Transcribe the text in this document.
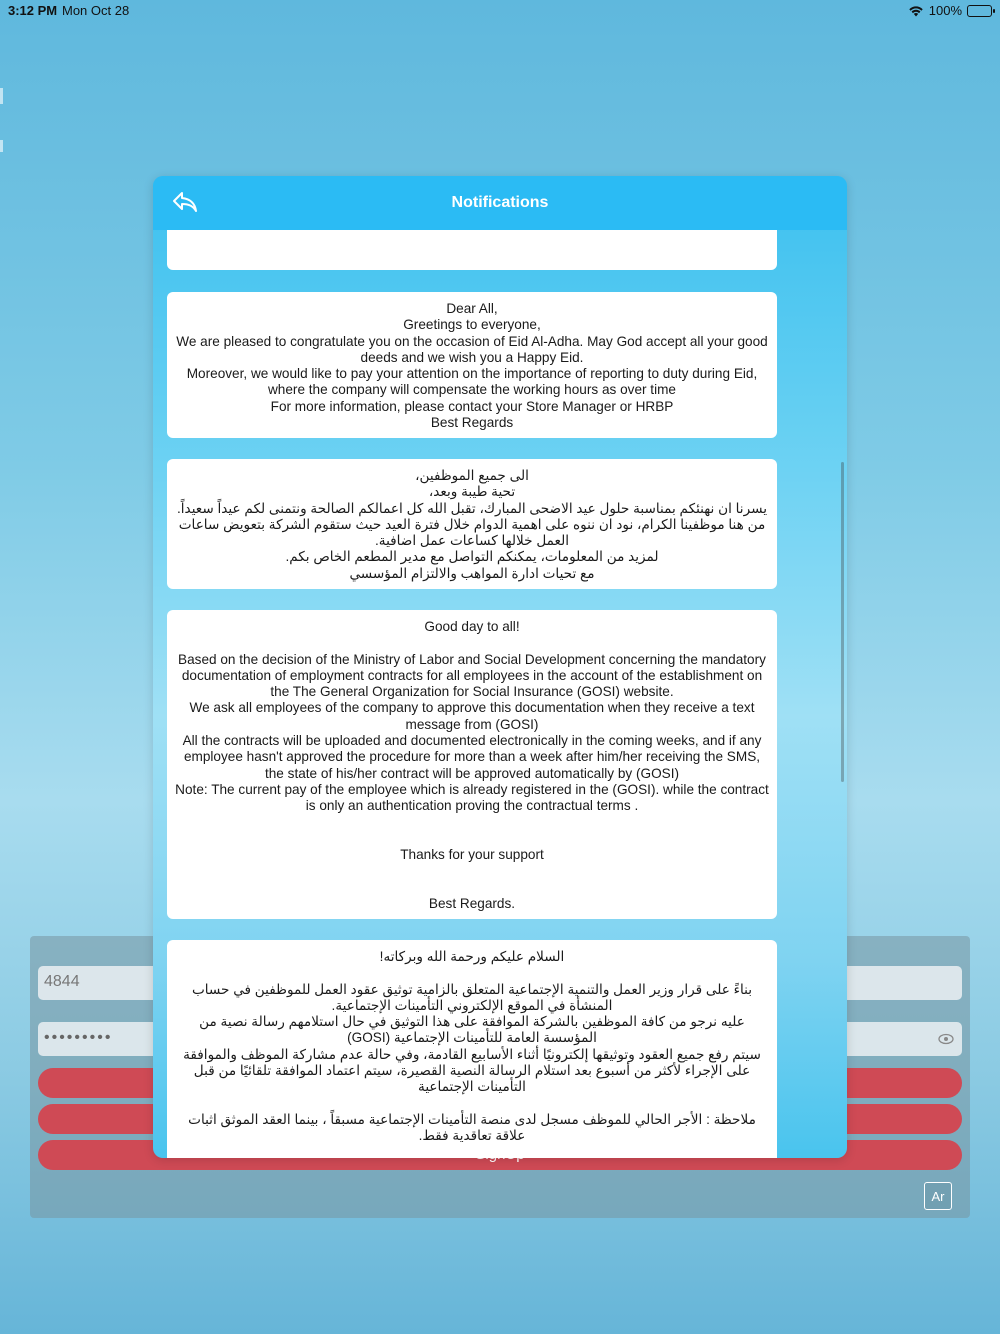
3:12 PM Mon Oct 28	100%
4844
•••••••••
Ar
Notifications

Dear All,
Greetings to everyone,
We are pleased to congratulate you on the occasion of Eid Al-Adha. May God accept all your good deeds and we wish you a Happy Eid.
Moreover, we would like to pay your attention on the importance of reporting to duty during Eid, where the company will compensate the working hours as over time
For more information, please contact your Store Manager or HRBP
Best Regards

الى جميع الموظفين،
تحية طيبة وبعد،
يسرنا ان نهنئكم بمناسبة حلول عيد الاضحى المبارك، تقبل الله كل اعمالكم الصالحة ونتمنى لكم عيداً سعيداً.
من هنا موظفينا الكرام، نود ان ننوه على اهمية الدوام خلال فترة العيد حيث ستقوم الشركة بتعويض ساعات العمل خلالها كساعات عمل اضافية.
لمزيد من المعلومات، يمكنكم التواصل مع مدير المطعم الخاص بكم.
مع تحيات ادارة المواهب والالتزام المؤسسي

Good day to all!

Based on the decision of the Ministry of Labor and Social Development concerning the mandatory documentation of employment contracts for all employees in the account of the establishment on the The General Organization for Social Insurance (GOSI) website.
We ask all employees of the company to approve this documentation when they receive a text message from (GOSI)
All the contracts will be uploaded and documented electronically in the coming weeks, and if any employee hasn't approved the procedure for more than a week after him/her receiving the SMS, the state of his/her contract will be approved automatically by (GOSI)
Note: The current pay of the employee which is already registered in the (GOSI). while the contract is only an authentication proving the contractual terms .

Thanks for your support

Best Regards.

السلام عليكم ورحمة الله وبركاته!

بناءً على قرار وزير العمل والتنمية الإجتماعية المتعلق بالزامية توثيق عقود العمل للموظفين في حساب المنشأة في الموقع الإلكتروني التأمينات الإجتماعية.
عليه نرجو من كافة الموظفين بالشركة الموافقة على هذا التوثيق في حال استلامهم رسالة نصية من المؤسسة العامة للتأمينات الإجتماعية (GOSI)
سيتم رفع جميع العقود وتوثيقها إلكترونيًا أثناء الأسابيع القادمة، وفي حالة عدم مشاركة الموظف والموافقة على الإجراء لأكثر من أسبوع بعد استلام الرسالة النصية القصيرة، سيتم اعتماد الموافقة تلقائيًا من قبل التأمينات الإجتماعية

ملاحظة : الأجر الحالي للموظف مسجل لدى منصة التأمينات الإجتماعية مسبقاً ، بينما العقد الموثق اثبات علاقة تعاقدية فقط.
